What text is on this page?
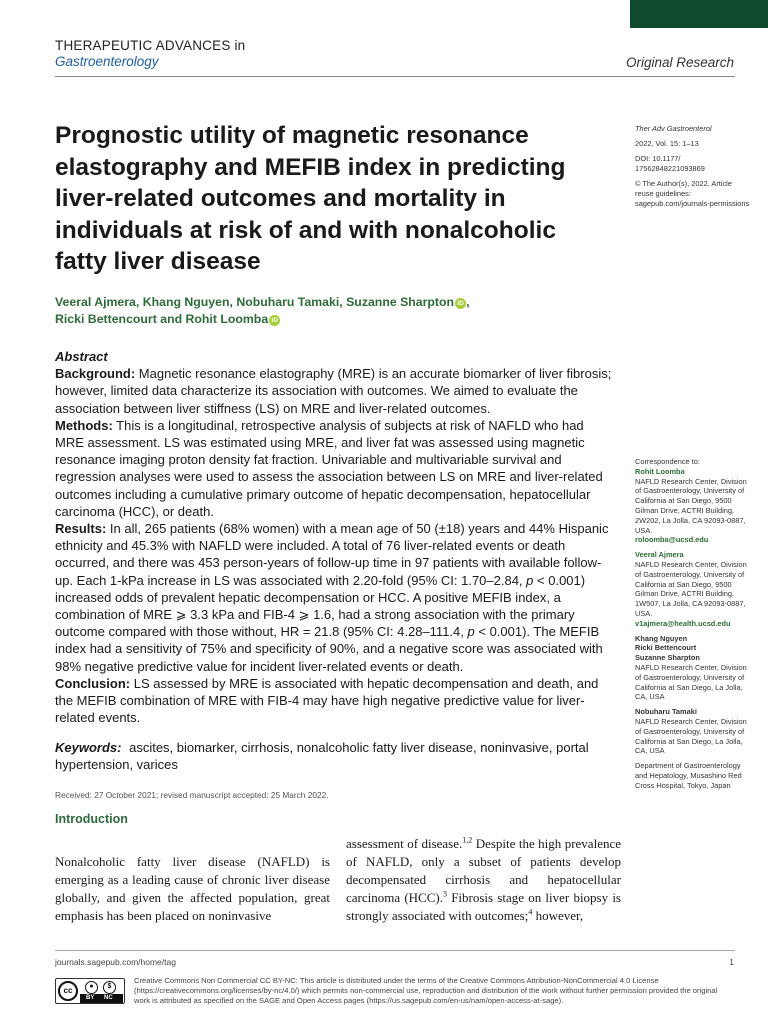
THERAPEUTIC ADVANCES in
Gastroenterology	Original Research
Prognostic utility of magnetic resonance elastography and MEFIB index in predicting liver-related outcomes and mortality in individuals at risk of and with nonalcoholic fatty liver disease
Veeral Ajmera, Khang Nguyen, Nobuharu Tamaki, Suzanne Sharpton iD ,
Ricki Bettencourt and Rohit Loomba iD

Abstract

Background: Magnetic resonance elastography (MRE) is an accurate biomarker of liver fibrosis; however, limited data characterize its association with outcomes. We aimed to evaluate the association between liver stiffness (LS) on MRE and liver-related outcomes.

Methods: This is a longitudinal, retrospective analysis of subjects at risk of NAFLD who had MRE assessment. LS was estimated using MRE, and liver fat was assessed using magnetic resonance imaging proton density fat fraction. Univariable and multivariable survival and regression analyses were used to assess the association between LS on MRE and liver-related outcomes including a cumulative primary outcome of hepatic decompensation, hepatocellular carcinoma (HCC), or death.

Results: In all, 265 patients (68% women) with a mean age of 50 (±18) years and 44% Hispanic ethnicity and 45.3% with NAFLD were included. A total of 76 liver-related events or death occurred, and there was 453 person-years of follow-up time in 97 patients with available follow-up. Each 1-kPa increase in LS was associated with 2.20-fold (95% CI: 1.70–2.84, p < 0.001) increased odds of prevalent hepatic decompensation or HCC. A positive MEFIB index, a combination of MRE ⩾ 3.3 kPa and FIB-4 ⩾ 1.6, had a strong association with the primary outcome compared with those without, HR = 21.8 (95% CI: 4.28–111.4, p < 0.001). The MEFIB index had a sensitivity of 75% and specificity of 90%, and a negative score was associated with 98% negative predictive value for incident liver-related events or death.

Conclusion: LS assessed by MRE is associated with hepatic decompensation and death, and the MEFIB combination of MRE with FIB-4 may have high negative predictive value for liver-related events.

Keywords: ascites, biomarker, cirrhosis, nonalcoholic fatty liver disease, noninvasive, portal hypertension, varices
Received: 27 October 2021; revised manuscript accepted: 25 March 2022.
Introduction
Nonalcoholic fatty liver disease (NAFLD) is emerging as a leading cause of chronic liver disease globally, and given the affected population, great emphasis has been placed on noninvasive
assessment of disease.$^{1,2}$ Despite the high prevalence of NAFLD, only a subset of patients develop decompensated cirrhosis and hepatocellular carcinoma (HCC).$^3$ Fibrosis stage on liver biopsy is strongly associated with outcomes;$^4$ however,

Ther Adv Gastroenterol

2022, Vol. 15: 1–13

DOI: 10.1177/
17562848221093869

© The Author(s), 2022. Article reuse guidelines: sagepub.com/journals-permissions

Correspondence to:

Rohit Loomba

NAFLD Research Center, Division of Gastroenterology, University of California at San Diego, 9500 Gilman Drive, ACTRI Building, 2W202, La Jolla, CA 92093-0887, USA.

roloomba@ucsd.edu

Veeral Ajmera

NAFLD Research Center, Division of Gastroenterology, University of California at San Diego, 9500 Gilman Drive, ACTRI Building, 1W507, La Jolla, CA 92093-0887, USA.

v1ajmera@health.ucsd.edu

Khang Nguyen

Ricki Bettencourt

Suzanne Sharpton

NAFLD Research Center, Division of Gastroenterology, University of California at San Diego, La Jolla, CA, USA

Nobuharu Tamaki

NAFLD Research Center, Division of Gastroenterology, University of California at San Diego, La Jolla, CA, USA

Department of Gastroenterology and Hepatology, Musashino Red Cross Hospital, Tokyo, Japan

journals.sagepub.com/home/tag	1
cc	●	$
BY NC
Creative Commons Non Commercial CC BY-NC: This article is distributed under the terms of the Creative Commons Attribution-NonCommercial 4.0 License (https://creativecommons.org/licenses/by-nc/4.0/) which permits non-commercial use, reproduction and distribution of the work without further permission provided the original work is attributed as specified on the SAGE and Open Access pages (https://us.sagepub.com/en-us/nam/open-access-at-sage).
